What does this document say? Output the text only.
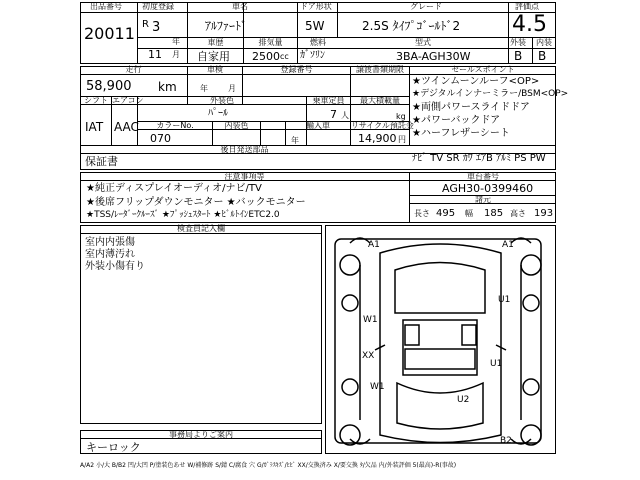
出品番号
20011
初度登録
R 3
年
11 月
車名
ｱﾙﾌｧｰﾄﾞ
車歴
自家用
排気量
2500 cc
ドア形状
5W
燃料
ｶﾞｿﾘﾝ
グレード
2.5S ﾀｲﾌﾟｺﾞｰﾙﾄﾞ2
型式
3BA-AGH30W
評価点
4.5
外装 内装
B B
走行
58,900 km
車検
年	月
登録番号	譲渡書類期限	セールスポイント
★ツインムーンルーフ<OP>
★デジタルインナーミラー/BSM<OP>
★両側パワースライドドア
★パワーバックドア
★ハーフレザーシート
シフト
IAT
エアコン
AAC
外装色
ﾊﾟｰﾙ
乗車定員
7 人
最大積載量
kg
カラーNo.
070
内装色
年
輸入車	リサイクル預託金
14,900 円
ﾅﾋﾞ TV SR ｶﾜ ｴｱB ｱﾙﾐ PS PW
後日発送部品
保証書
注意事項等
★純正ディスプレイオーディオ/ナビ/TV
★後席フリップダウンモニター ★バックモニター
★TSS/ﾚｰﾀﾞｰｸﾙｰｽﾞ ★ﾌﾟｯｼｭｽﾀｰﾄ ★ﾋﾞﾙﾄｲﾝETC2.0
車台番号
AGH30-0399460
諸元
長さ 495 幅 185 高さ 193
検査員記入欄
室内内張傷
室内薄汚れ
外装小傷有り
事務局よりご案内
キーロック
A1	A1
U1
W1
XX
W1
U1
U2
B2
A/A2 小/大 B/B2 凹/大凹 P/塗装色あせ W/補修跡 S/錆 C/腐食 穴 G/ｶﾞﾗｽｷｽﾞ/ﾋﾋﾞ XX/交換済み X/要交換 ﾀ/欠品 内/外装評価 5(最高)-R(事故)
